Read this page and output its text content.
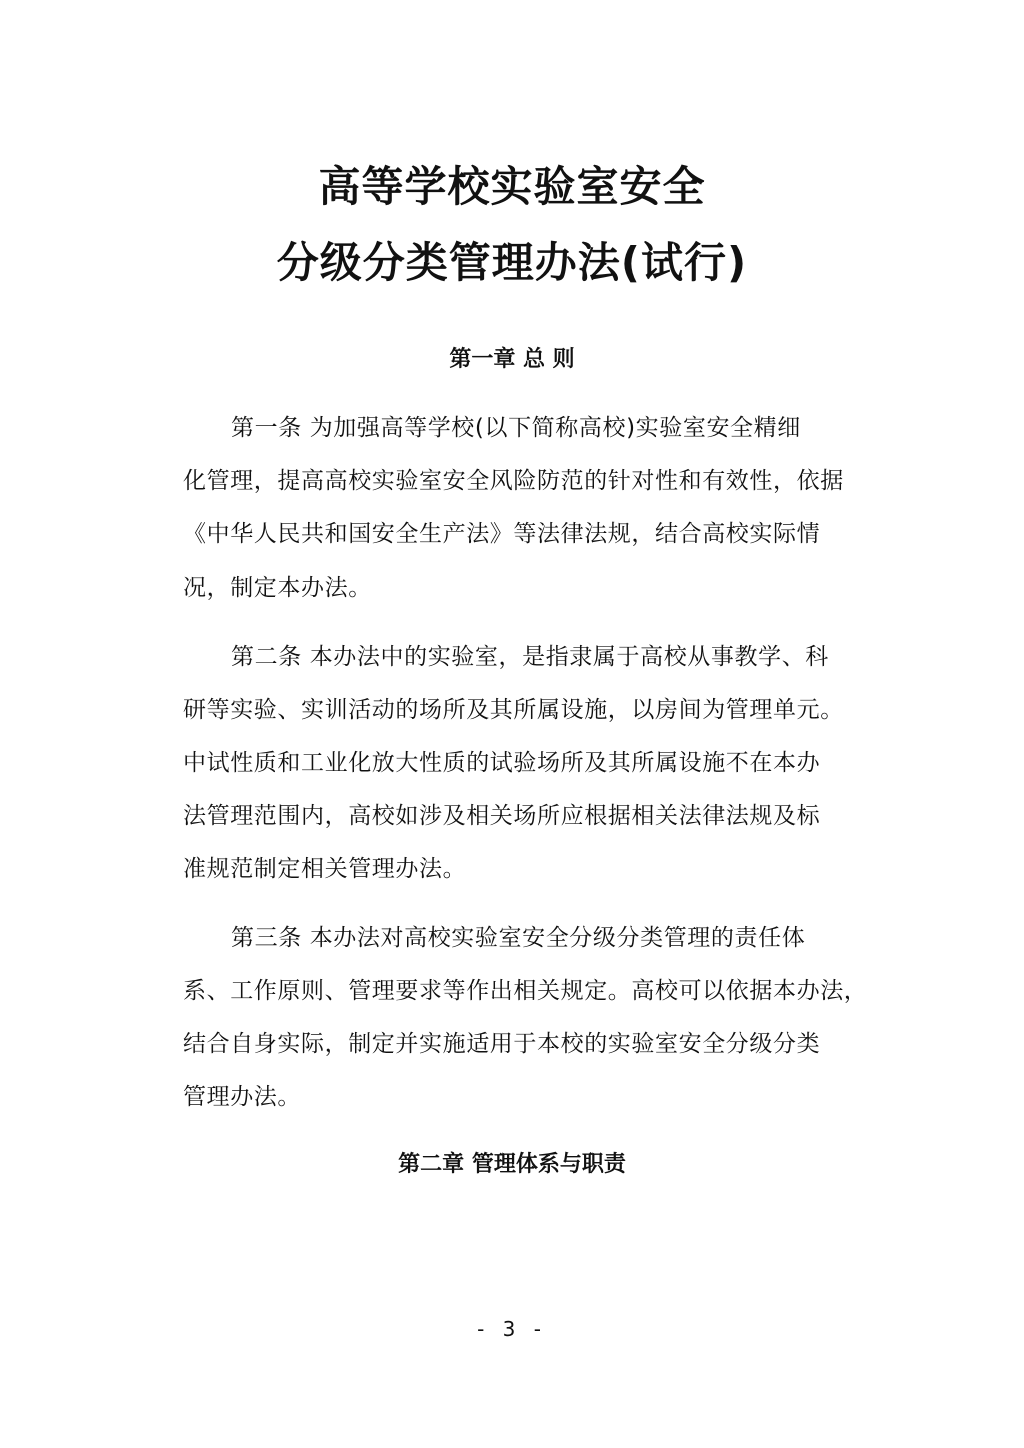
高等学校实验室安全
分级分类管理办法(试行)
第一章 总 则
第一条 为加强高等学校(以下简称高校)实验室安全精细
化管理，提高高校实验室安全风险防范的针对性和有效性，依据
《中华人民共和国安全生产法》等法律法规，结合高校实际情
况，制定本办法。
第二条 本办法中的实验室，是指隶属于高校从事教学、科
研等实验、实训活动的场所及其所属设施，以房间为管理单元。
中试性质和工业化放大性质的试验场所及其所属设施不在本办
法管理范围内，高校如涉及相关场所应根据相关法律法规及标
准规范制定相关管理办法。
第三条 本办法对高校实验室安全分级分类管理的责任体
系、工作原则、管理要求等作出相关规定。高校可以依据本办法，
结合自身实际，制定并实施适用于本校的实验室安全分级分类
管理办法。
第二章 管理体系与职责
- 3 -
